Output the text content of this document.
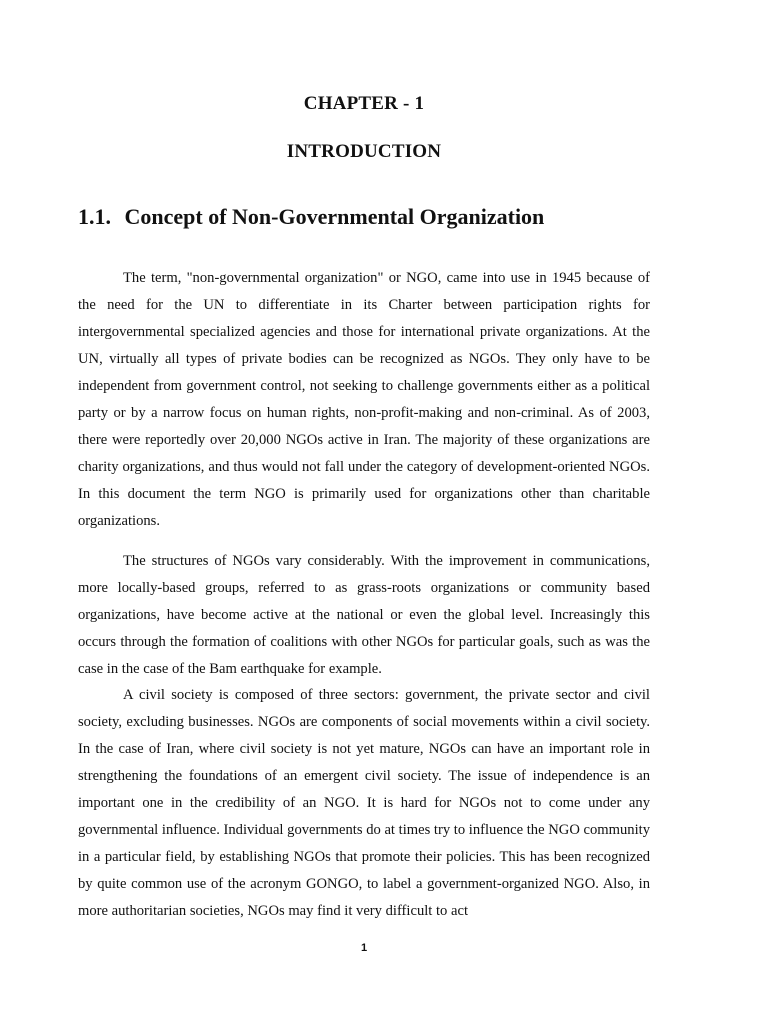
CHAPTER - 1
INTRODUCTION
1.1. Concept of Non-Governmental Organization

The term, "non-governmental organization" or NGO, came into use in 1945 because of the need for the UN to differentiate in its Charter between participation rights for intergovernmental specialized agencies and those for international private organizations. At the UN, virtually all types of private bodies can be recognized as NGOs. They only have to be independent from government control, not seeking to challenge governments either as a political party or by a narrow focus on human rights, non-profit-making and non-criminal. As of 2003, there were reportedly over 20,000 NGOs active in Iran. The majority of these organizations are charity organizations, and thus would not fall under the category of development-oriented NGOs. In this document the term NGO is primarily used for organizations other than charitable organizations.

The structures of NGOs vary considerably. With the improvement in communications, more locally-based groups, referred to as grass-roots organizations or community based organizations, have become active at the national or even the global level. Increasingly this occurs through the formation of coalitions with other NGOs for particular goals, such as was the case in the case of the Bam earthquake for example.

A civil society is composed of three sectors: government, the private sector and civil society, excluding businesses. NGOs are components of social movements within a civil society. In the case of Iran, where civil society is not yet mature, NGOs can have an important role in strengthening the foundations of an emergent civil society. The issue of independence is an important one in the credibility of an NGO. It is hard for NGOs not to come under any governmental influence. Individual governments do at times try to influence the NGO community in a particular field, by establishing NGOs that promote their policies. This has been recognized by quite common use of the acronym GONGO, to label a government-organized NGO. Also, in more authoritarian societies, NGOs may find it very difficult to act

1
